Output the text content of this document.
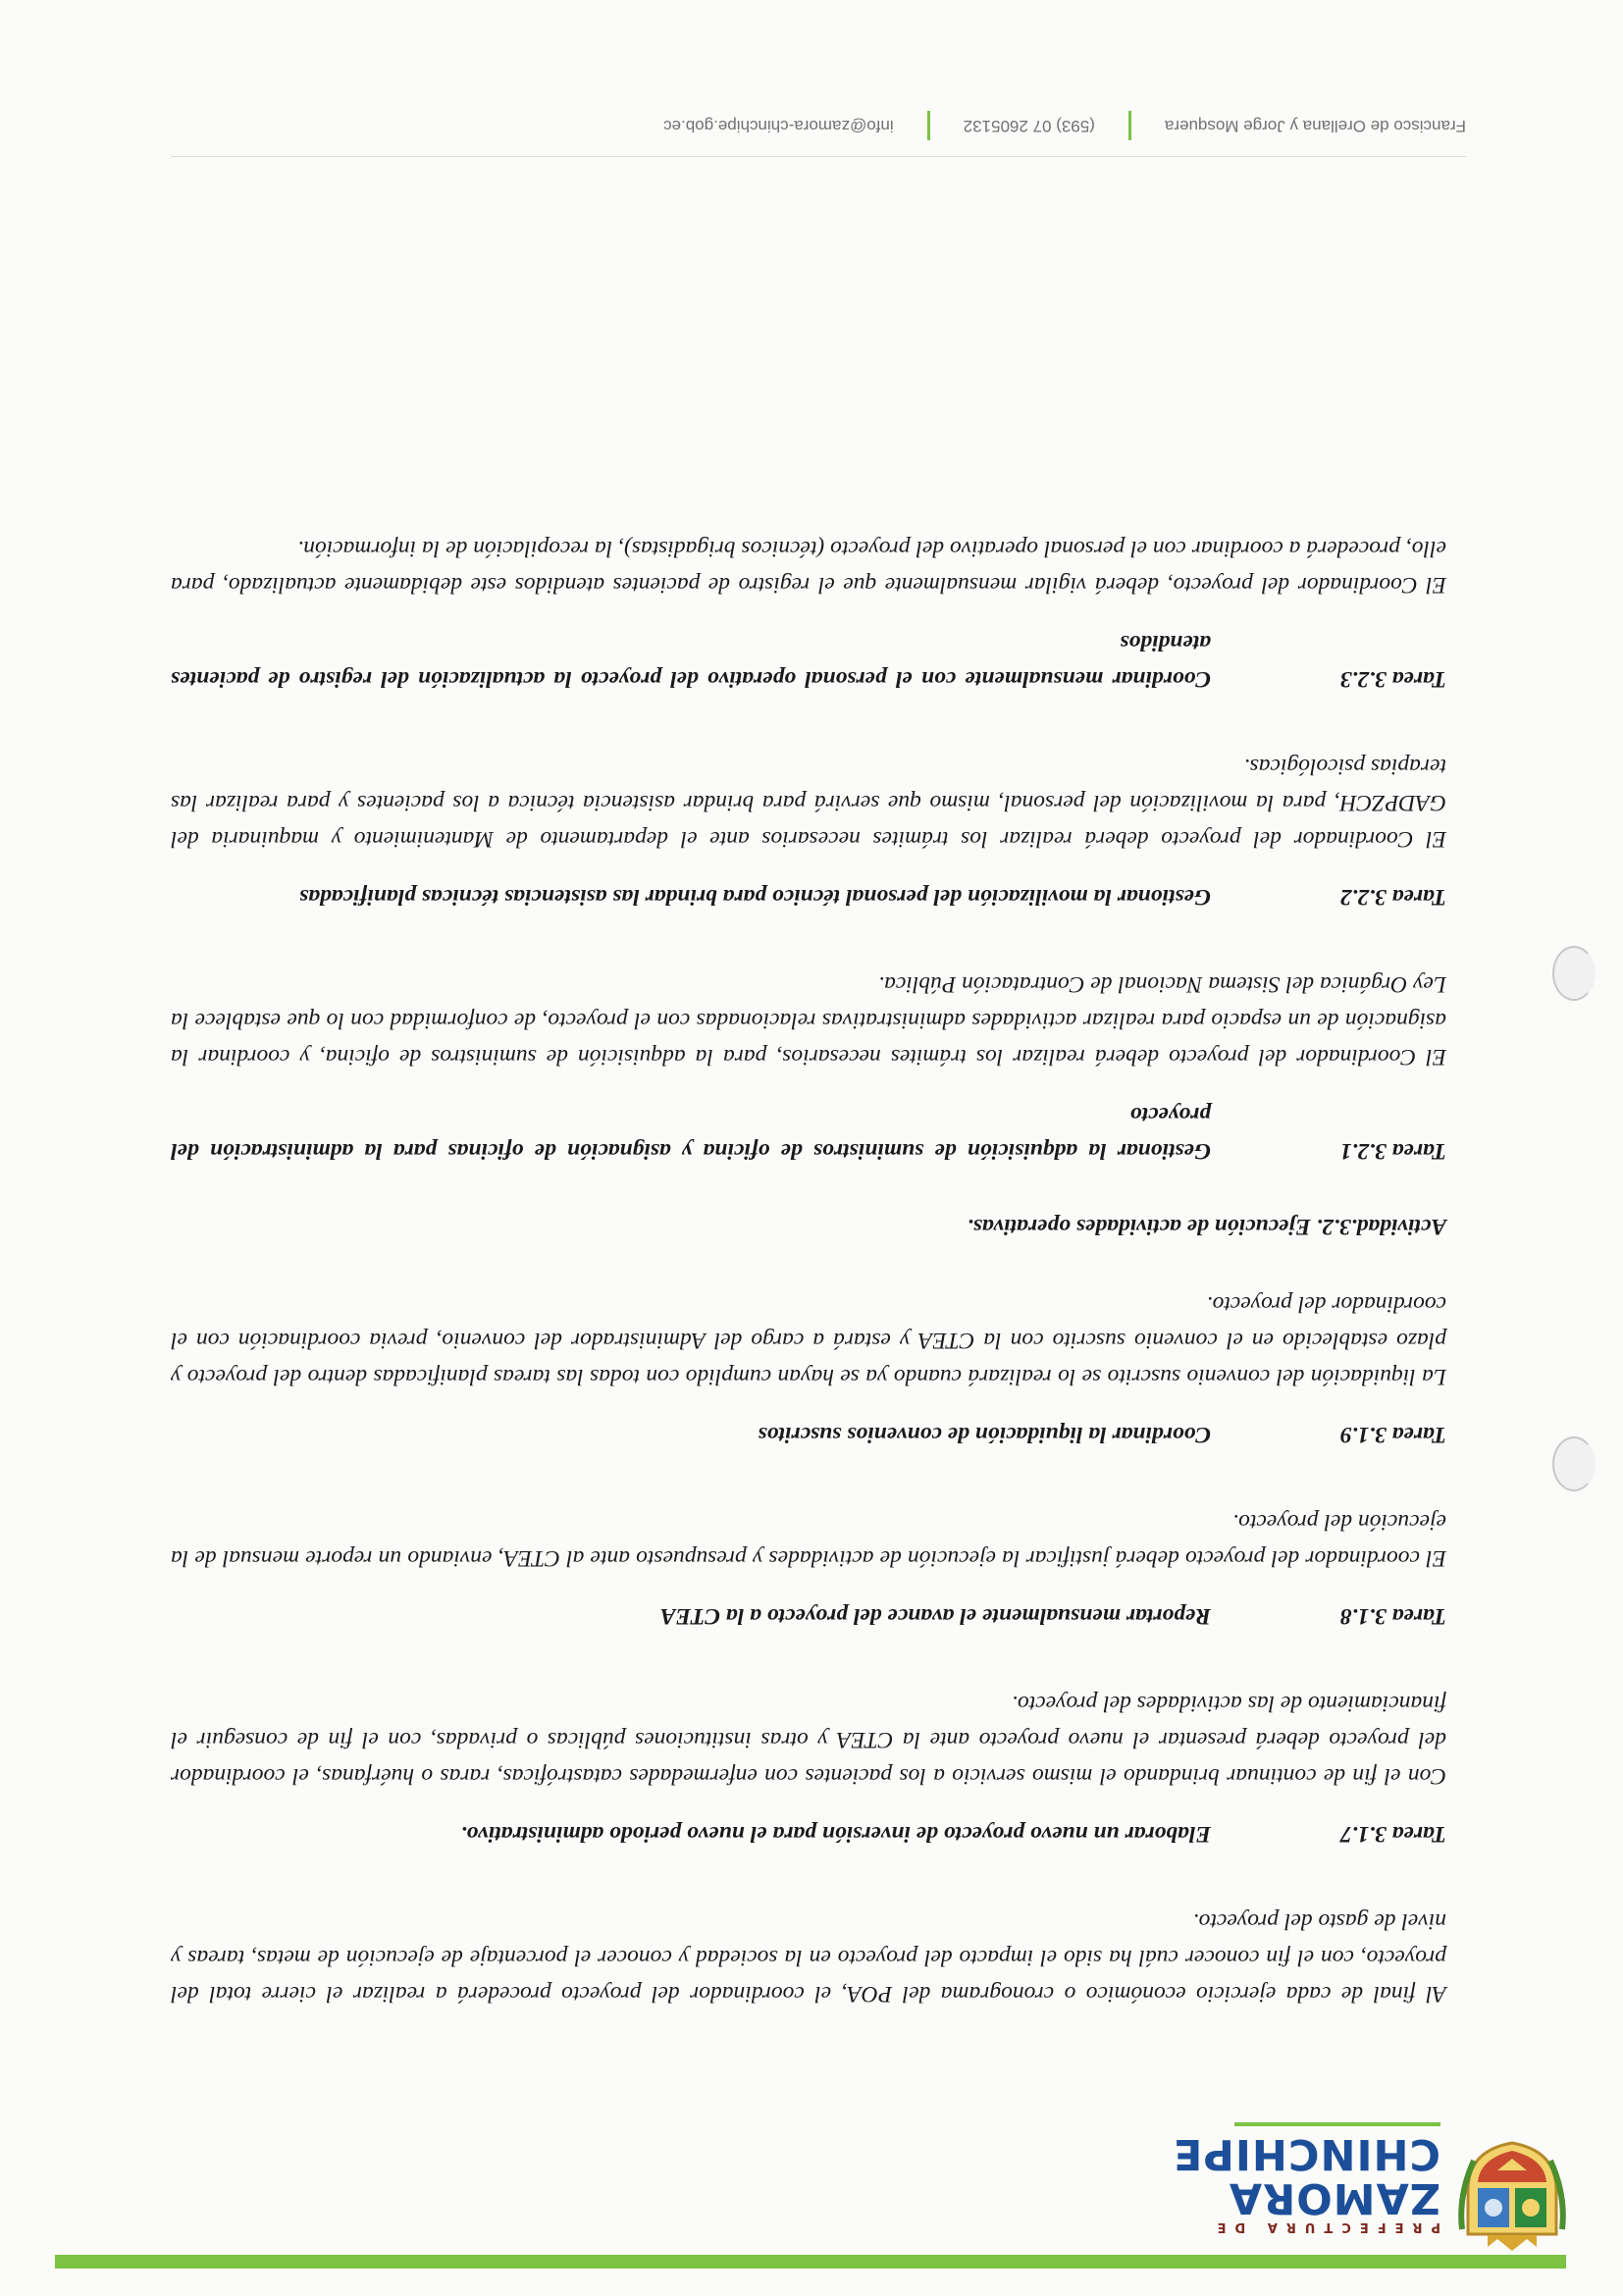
PREFECTURA DE
ZAMORA
CHINCHIPE

Al final de cada ejercicio económico o cronograma del POA, el coordinador del proyecto procederá a realizar el cierre total del proyecto, con el fin conocer cuál ha sido el impacto del proyecto en la sociedad y conocer el porcentaje de ejecución de metas, tareas y nivel de gasto del proyecto.

Tarea 3.1.7
Elaborar un nuevo proyecto de inversión para el nuevo periodo administrativo.

Con el fin de continuar brindando el mismo servicio a los pacientes con enfermedades catastróficas, raras o huérfanas, el coordinador del proyecto deberá presentar el nuevo proyecto ante la CTEA y otras instituciones públicas o privadas, con el fin de conseguir el financiamiento de las actividades del proyecto.

Tarea 3.1.8
Reportar mensualmente el avance del proyecto a la CTEA

El coordinador del proyecto deberá justificar la ejecución de actividades y presupuesto ante al CTEA, enviando un reporte mensual de la ejecución del proyecto.

Tarea 3.1.9
Coordinar la liquidación de convenios suscritos

La liquidación del convenio suscrito se lo realizará cuando ya se hayan cumplido con todas las tareas planificadas dentro del proyecto y plazo establecido en el convenio suscrito con la CTEA y estará a cargo del Administrador del convenio, previa coordinación con el coordinador del proyecto.

Actividad.3.2. Ejecución de actividades operativas.

Tarea 3.2.1
Gestionar la adquisición de suministros de oficina y asignación de oficinas para la administración del proyecto

El Coordinador del proyecto deberá realizar los trámites necesarios, para la adquisición de suministros de oficina, y coordinar la asignación de un espacio para realizar actividades administrativas relacionadas con el proyecto, de conformidad con lo que establece la Ley Orgánica del Sistema Nacional de Contratación Pública.

Tarea 3.2.2
Gestionar la movilización del personal técnico para brindar las asistencias técnicas planificadas

El Coordinador del proyecto deberá realizar los trámites necesarios ante el departamento de Mantenimiento y maquinaria del GADPZCH, para la movilización del personal, mismo que servirá para brindar asistencia técnica a los pacientes y para realizar las terapias psicológicas.

Tarea 3.2.3
Coordinar mensualmente con el personal operativo del proyecto la actualización del registro de pacientes atendidos

El Coordinador del proyecto, deberá vigilar mensualmente que el registro de pacientes atendidos este debidamente actualizado, para ello, procederá a coordinar con el personal operativo del proyecto (técnicos brigadistas), la recopilación de la información.

Francisco de Orellana y Jorge Mosquera
(593) 07 2605132
info@zamora-chinchipe.gob.ec
